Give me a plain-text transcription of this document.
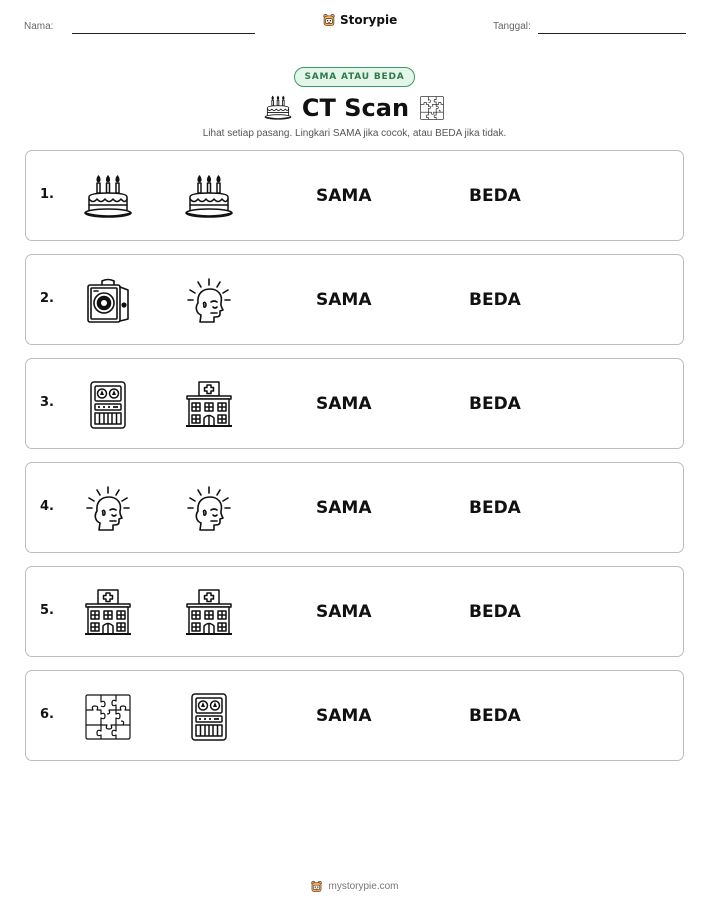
Nama:	Storypie	Tanggal:
SAMA ATAU BEDA
CT Scan
Lihat setiap pasang. Lingkari SAMA jika cocok, atau BEDA jika tidak.
1.	SAMA	BEDA
2.	SAMA	BEDA
3.	SAMA	BEDA
4.	SAMA	BEDA
5.	SAMA	BEDA
6.	SAMA	BEDA
mystorypie.com
